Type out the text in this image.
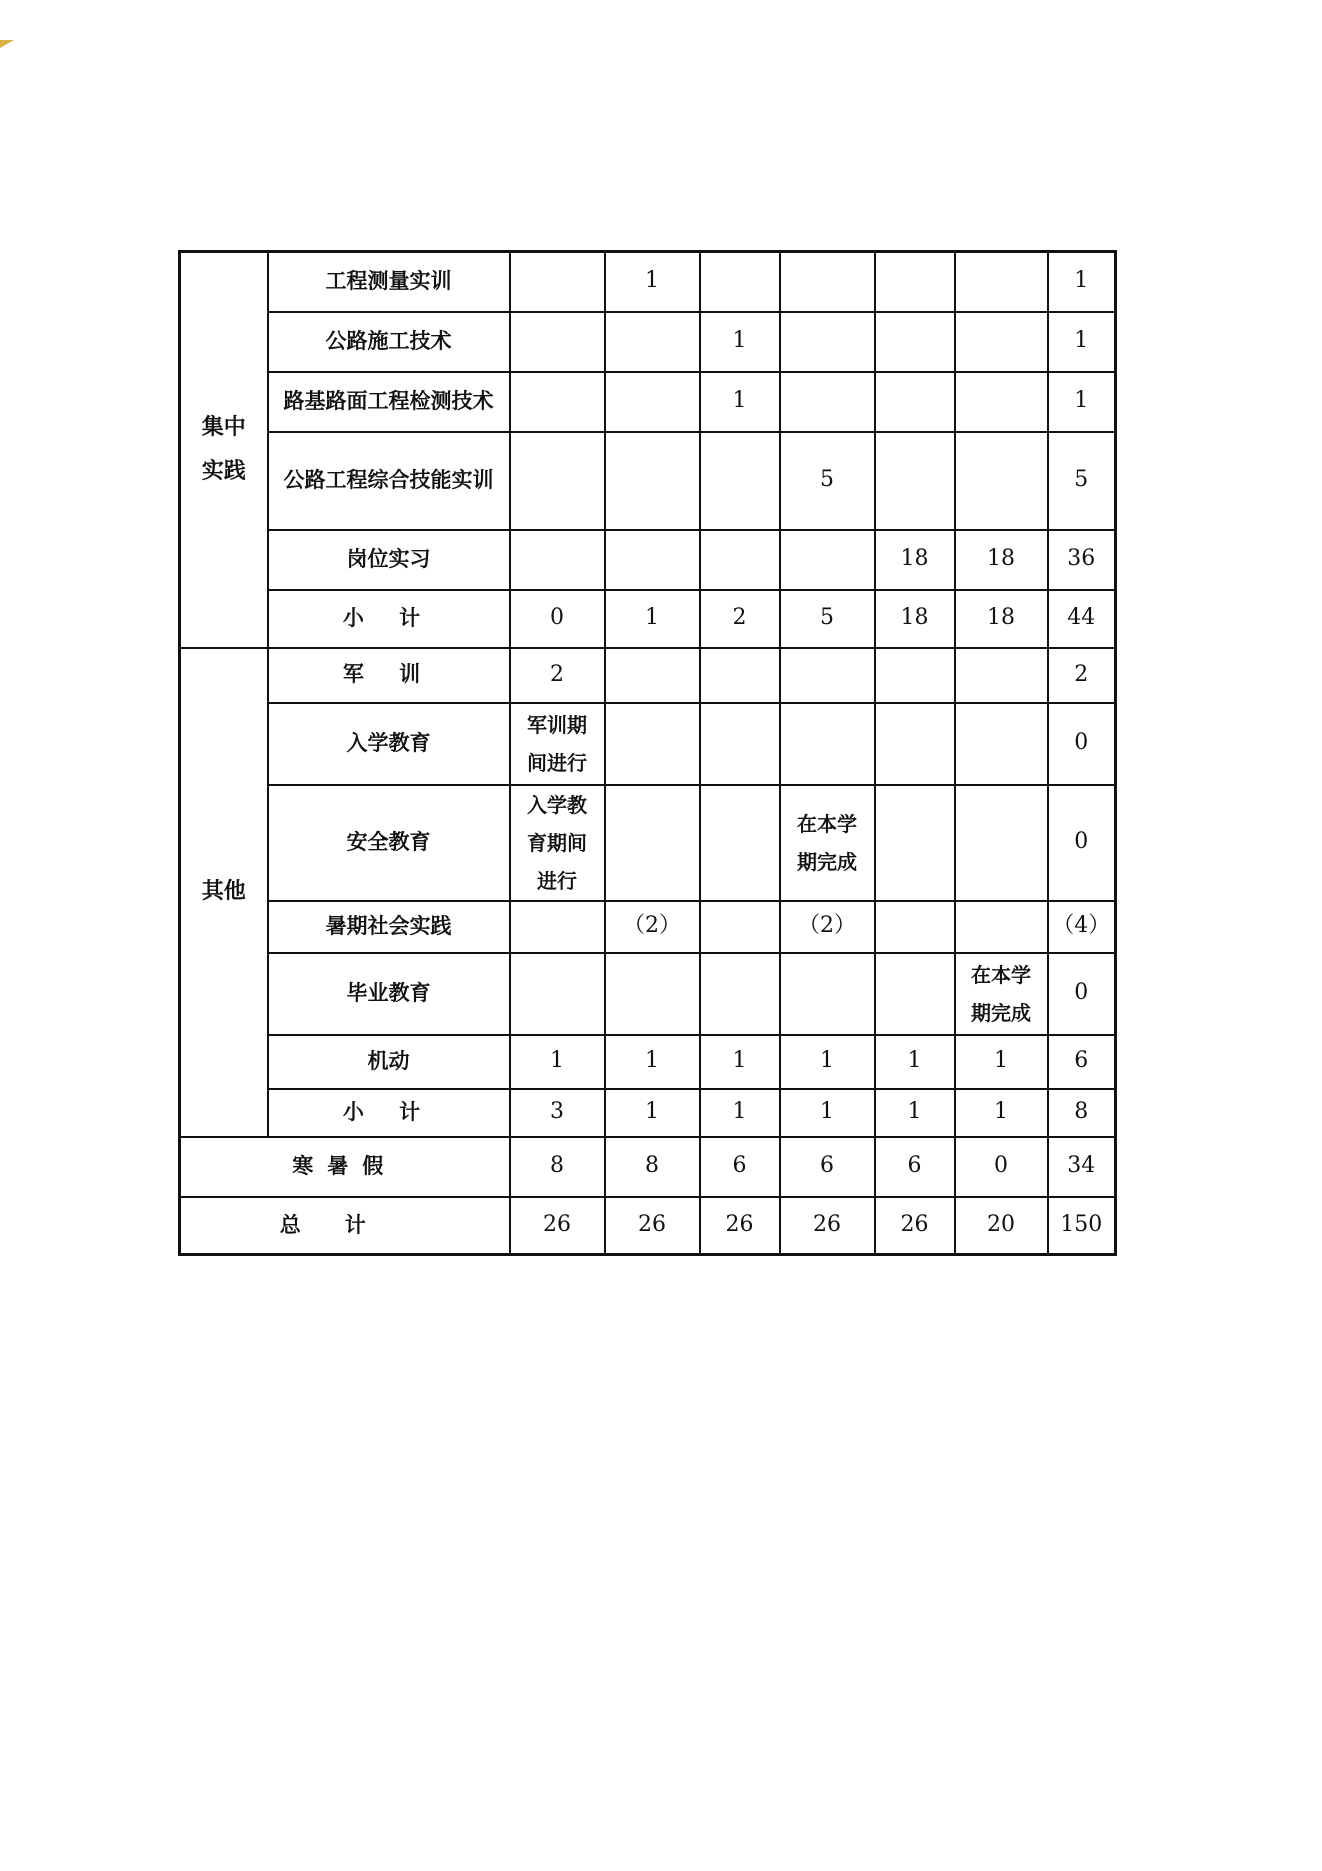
集中实践	工程测量实训		1					1
	公路施工技术			1				1
	路基路面工程检测技术			1				1
	公路工程综合技能实训				5			5
	岗位实习					18	18	36
	小 计	0	1	2	5	18	18	44
其他	军 训	2						2
	入学教育	军训期间进行						0
	安全教育	入学教育期间进行			在本学期完成			0
	暑期社会实践		（2）		（2）			（4）
	毕业教育						在本学期完成	0
	机动	1	1	1	1	1	1	6
	小 计	3	1	1	1	1	1	8
寒暑假		8	8	6	6	6	0	34
总计		26	26	26	26	26	20	150
